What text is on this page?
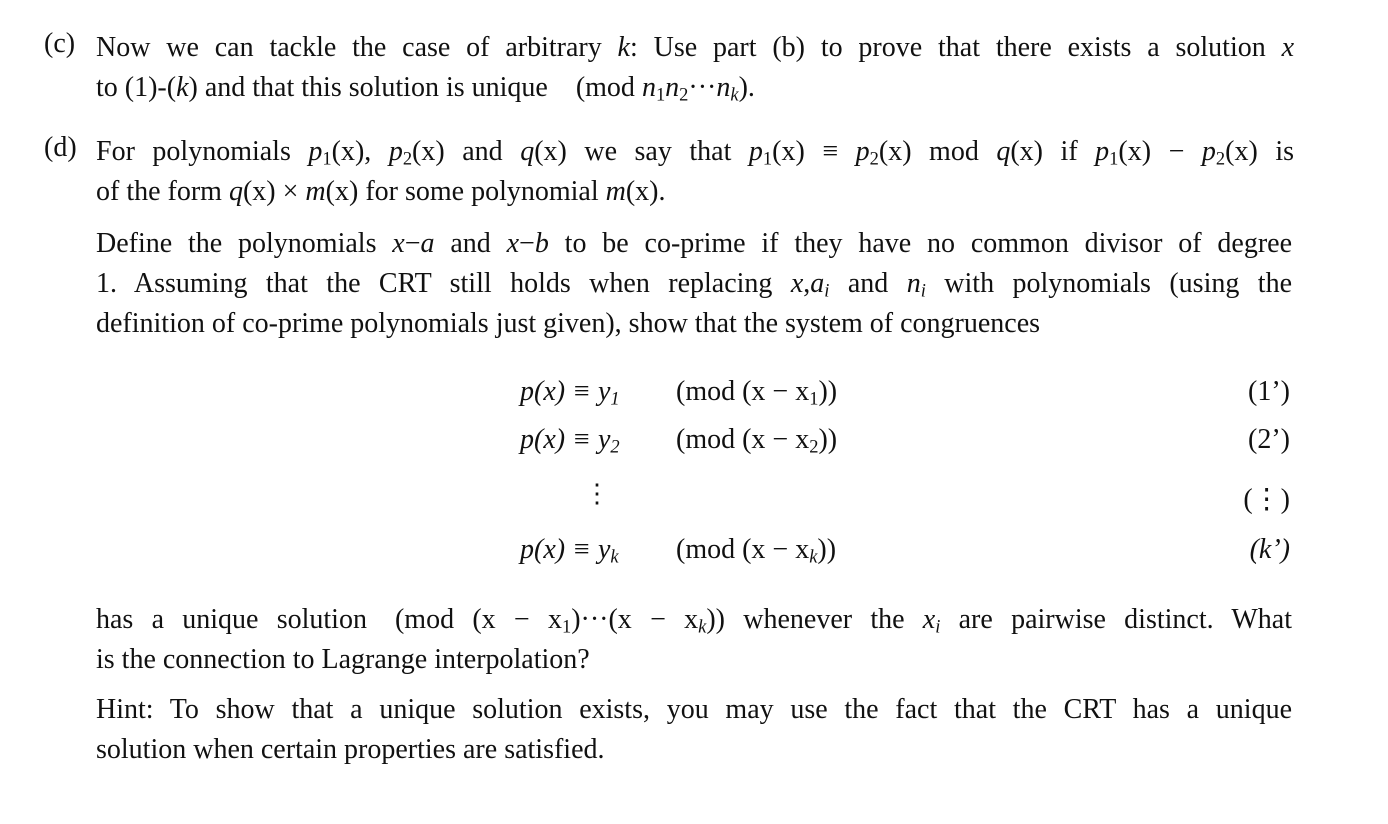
(c) Now we can tackle the case of arbitrary k: Use part (b) to prove that there exists a solution x
to (1)-(k) and that this solution is unique (mod $n_1n_2\cdot\cdot\cdot n_k$).
(d) For polynomials $p_1(x)$, $p_2(x)$ and q(x) we say that $p_1(x) \equiv p_2(x)$ mod q(x) if $p_1(x) - p_2(x)$ is
of the form q(x) × m(x) for some polynomial m(x).
Define the polynomials x−a and x−b to be co-prime if they have no common divisor of degree
1. Assuming that the CRT still holds when replacing $x,a_i$ and $n_i$ with polynomials (using the
definition of co-prime polynomials just given), show that the system of congruences
$p(x) \equiv y_1$ (mod $(x - x_1)$)	(1’)
$p(x) \equiv y_2$ (mod $(x - x_2)$)	(2’)
⋮	(⋮)
$p(x) \equiv y_k$ (mod $(x - x_k)$)	(k’)
has a unique solution (mod $(x - x_1)\cdot\cdot\cdot(x - x_k)$) whenever the $x_i$ are pairwise distinct. What
is the connection to Lagrange interpolation?
Hint: To show that a unique solution exists, you may use the fact that the CRT has a unique
solution when certain properties are satisfied.
